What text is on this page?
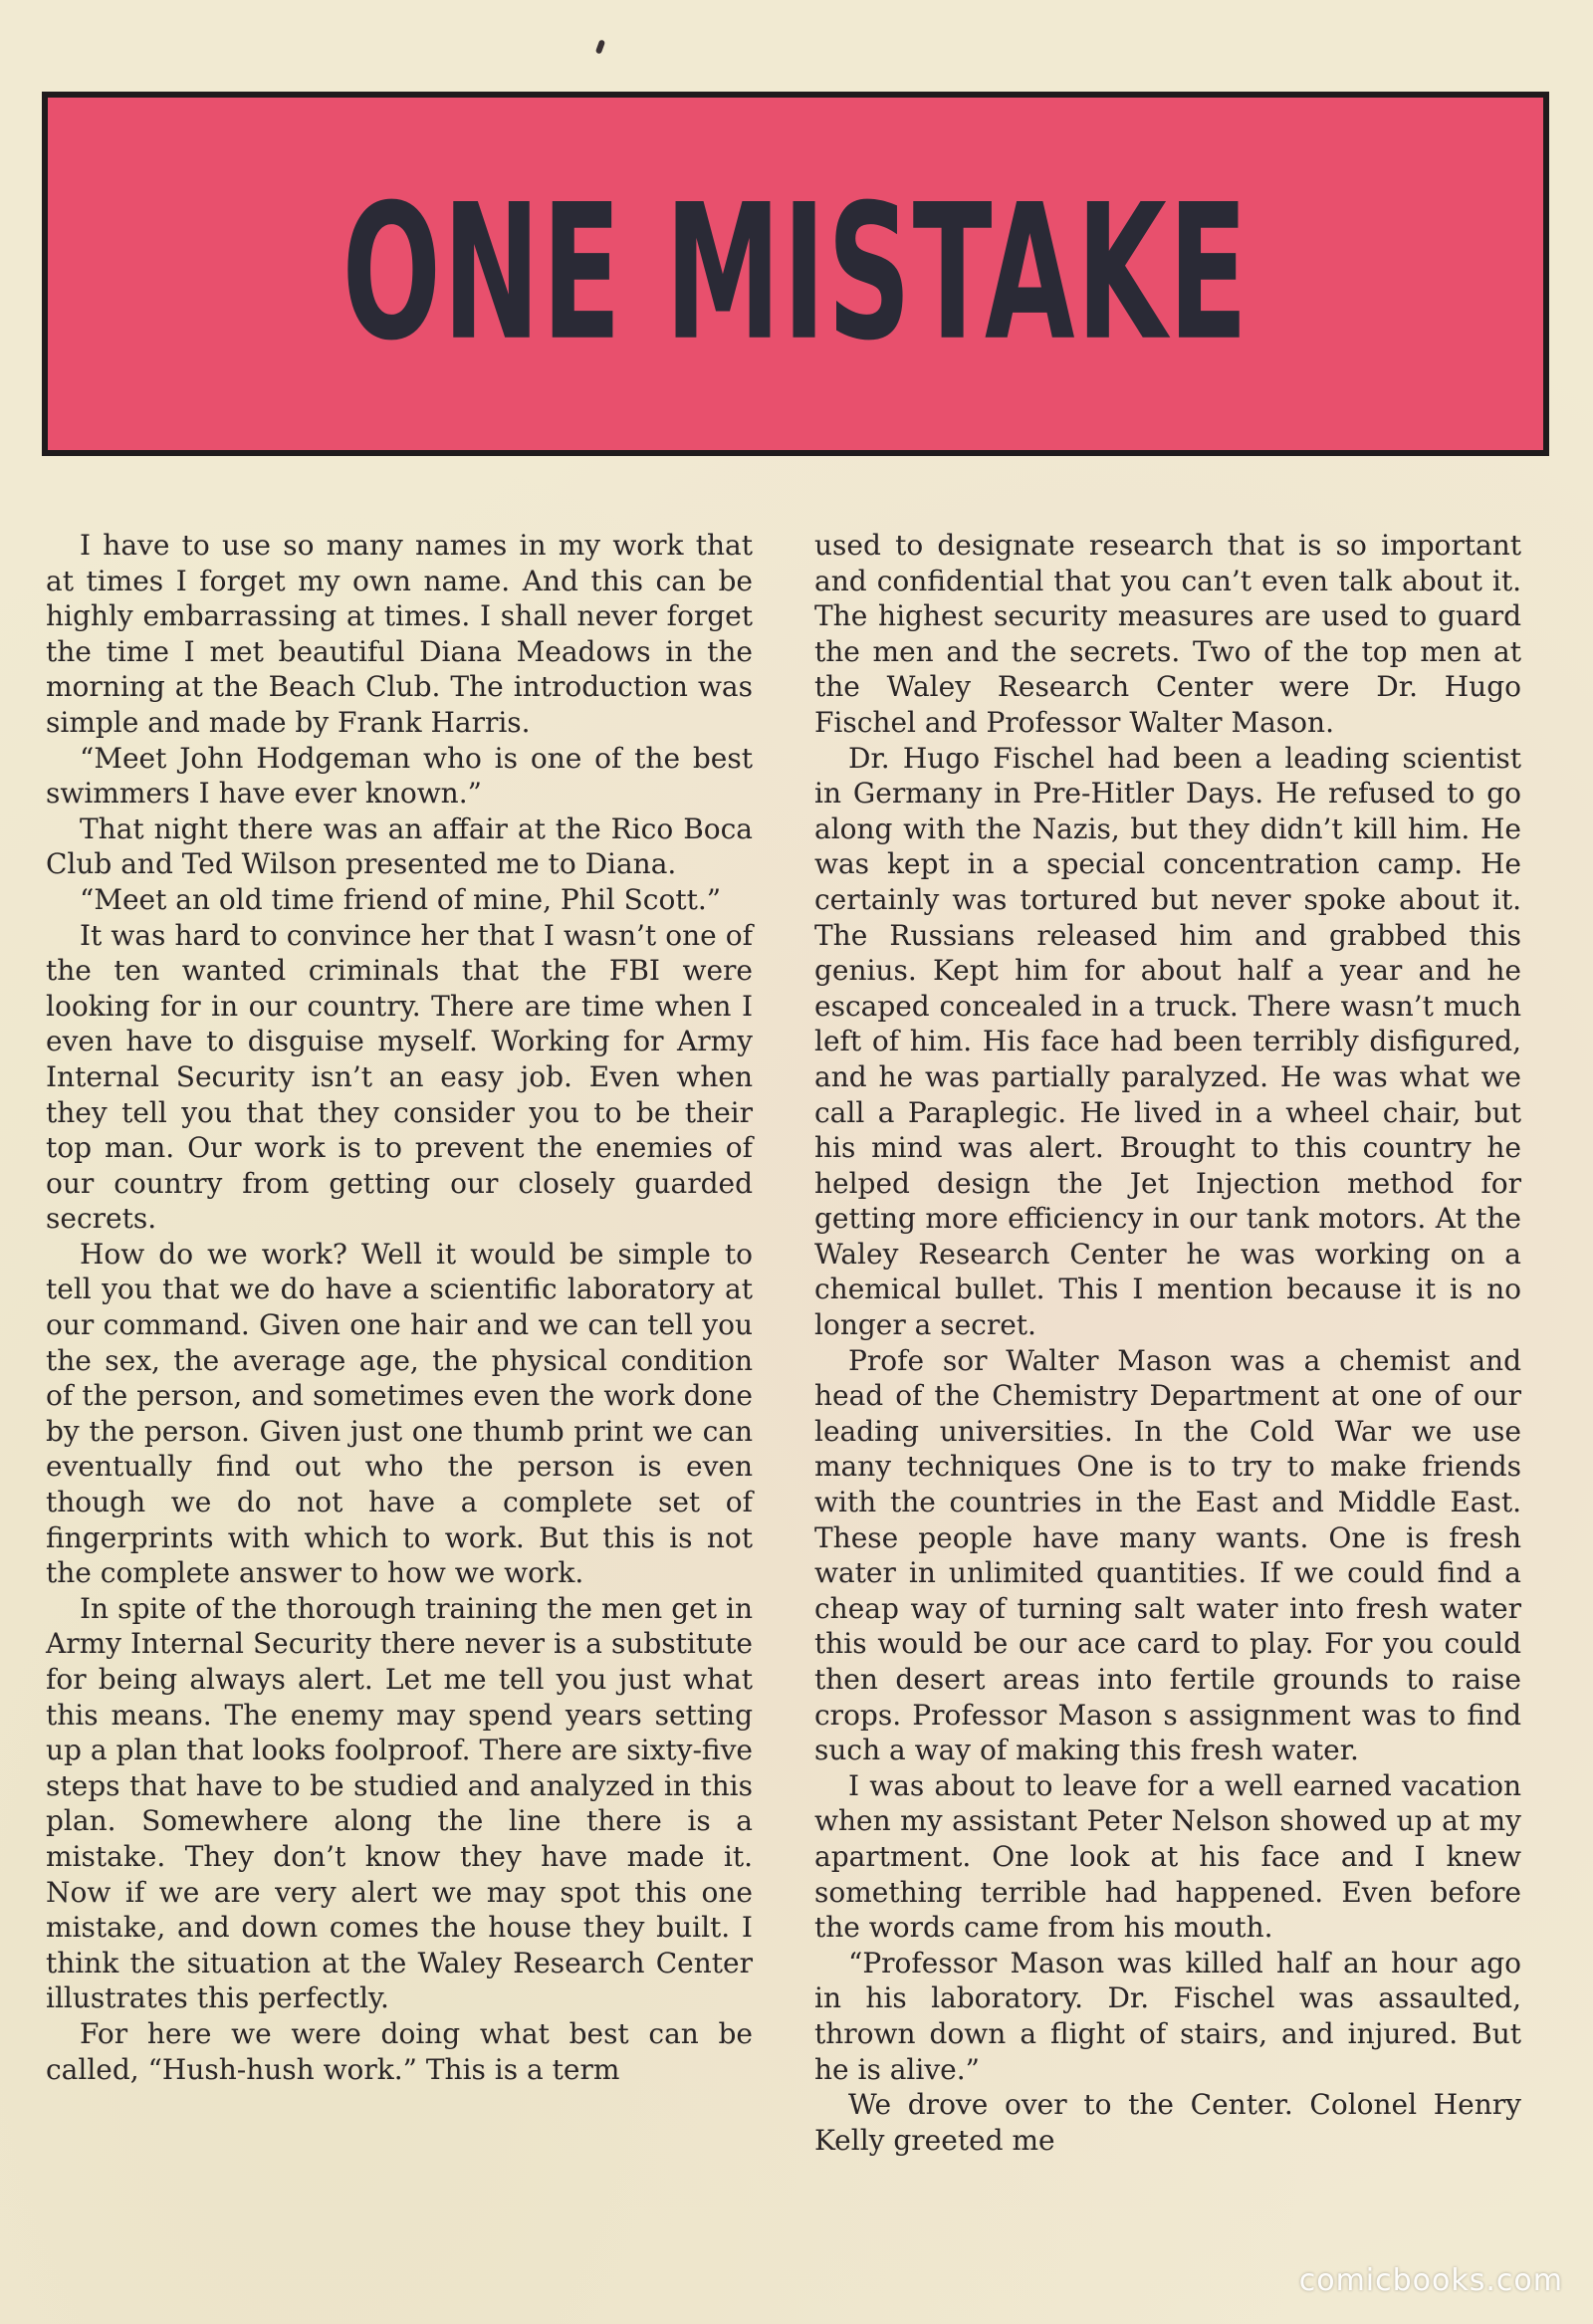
ONE MISTAKE

I have to use so many names in my work that at times I forget my own name. And this can be highly embarrassing at times. I shall never forget the time I met beautiful Diana Meadows in the morning at the Beach Club. The introduction was simple and made by Frank Harris.

“Meet John Hodgeman who is one of the best swimmers I have ever known.”

That night there was an affair at the Rico Boca Club and Ted Wilson presented me to Diana.

“Meet an old time friend of mine, Phil Scott.”

It was hard to convince her that I wasn’t one of the ten wanted criminals that the FBI were looking for in our country. There are time when I even have to disguise myself. Working for Army Internal Security isn’t an easy job. Even when they tell you that they consider you to be their top man. Our work is to prevent the enemies of our country from getting our closely guarded secrets.

How do we work? Well it would be simple to tell you that we do have a scientific laboratory at our command. Given one hair and we can tell you the sex, the average age, the physical condition of the person, and sometimes even the work done by the person. Given just one thumb print we can eventually find out who the person is even though we do not have a complete set of fingerprints with which to work. But this is not the complete answer to how we work.

In spite of the thorough training the men get in Army Internal Security there never is a substitute for being always alert. Let me tell you just what this means. The enemy may spend years setting up a plan that looks foolproof. There are sixty-five steps that have to be studied and analyzed in this plan. Somewhere along the line there is a mistake. They don’t know they have made it. Now if we are very alert we may spot this one mistake, and down comes the house they built. I think the situation at the Waley Research Center illustrates this perfectly.

For here we were doing what best can be called, “Hush-hush work.” This is a term

used to designate research that is so important and confidential that you can’t even talk about it. The highest security measures are used to guard the men and the secrets. Two of the top men at the Waley Research Center were Dr. Hugo Fischel and Professor Walter Mason.

Dr. Hugo Fischel had been a leading scientist in Germany in Pre-Hitler Days. He refused to go along with the Nazis, but they didn’t kill him. He was kept in a special concentration camp. He certainly was tortured but never spoke about it. The Russians released him and grabbed this genius. Kept him for about half a year and he escaped concealed in a truck. There wasn’t much left of him. His face had been terribly disfigured, and he was partially paralyzed. He was what we call a Paraplegic. He lived in a wheel chair, but his mind was alert. Brought to this country he helped design the Jet Injection method for getting more efficiency in our tank motors. At the Waley Research Center he was working on a chemical bullet. This I mention because it is no longer a secret.

Profe sor Walter Mason was a chemist and head of the Chemistry Department at one of our leading universities. In the Cold War we use many techniques One is to try to make friends with the countries in the East and Middle East. These people have many wants. One is fresh water in unlimited quantities. If we could find a cheap way of turning salt water into fresh water this would be our ace card to play. For you could then desert areas into fertile grounds to raise crops. Professor Mason s assignment was to find such a way of making this fresh water.

I was about to leave for a well earned vacation when my assistant Peter Nelson showed up at my apartment. One look at his face and I knew something terrible had happened. Even before the words came from his mouth.

“Professor Mason was killed half an hour ago in his laboratory. Dr. Fischel was assaulted, thrown down a flight of stairs, and injured. But he is alive.”

We drove over to the Center. Colonel Henry Kelly greeted me

comicbooks.com
